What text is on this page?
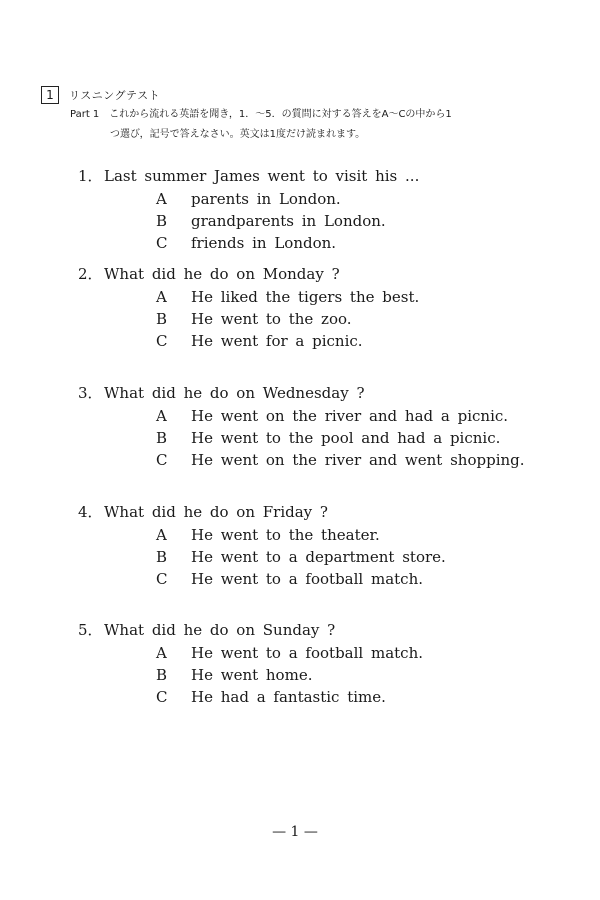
1	リスニングテスト
Part 1　これから流れる英語を聞き，1．～5．の質問に対する答えをA～Cの中から1
つ選び，記号で答えなさい。英文は1度だけ読まれます。
1．Last summer James went to visit his ...
A parents in London.
B grandparents in London.
C friends in London.
2．What did he do on Monday ?
A He liked the tigers the best.
B He went to the zoo.
C He went for a picnic.
3．What did he do on Wednesday ?
A He went on the river and had a picnic.
B He went to the pool and had a picnic.
C He went on the river and went shopping.
4．What did he do on Friday ?
A He went to the theater.
B He went to a department store.
C He went to a football match.
5．What did he do on Sunday ?
A He went to a football match.
B He went home.
C He had a fantastic time.
— 1 —
